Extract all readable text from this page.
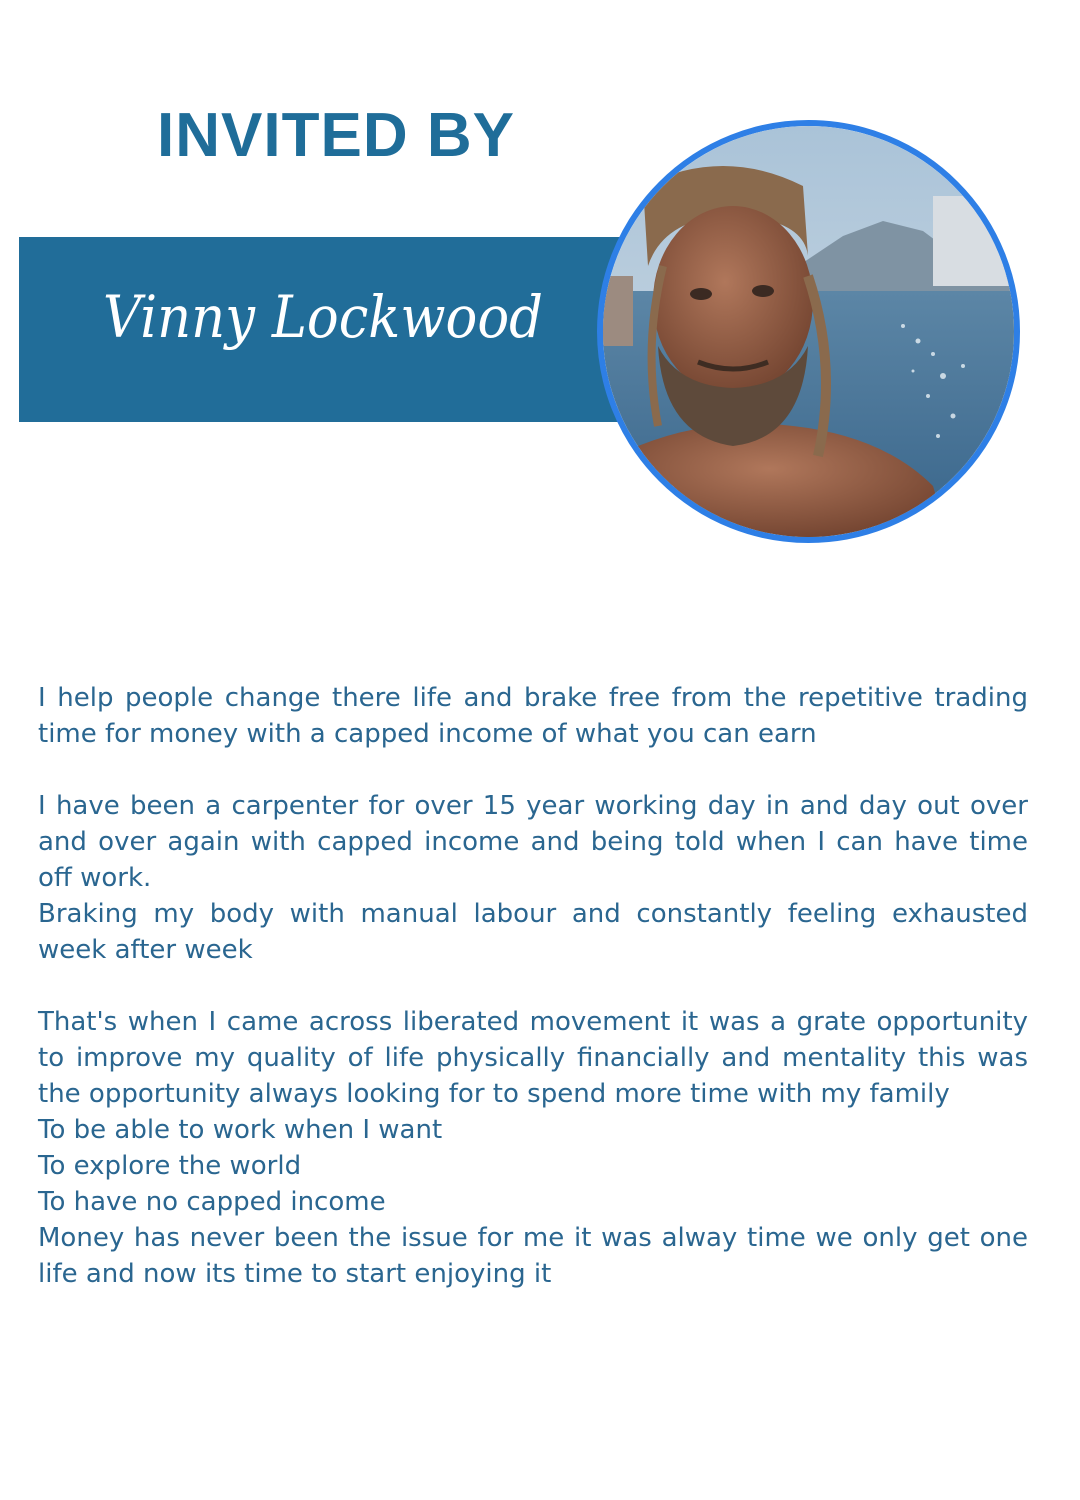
INVITED BY
Vinny Lockwood

I help people change there life and brake free from the repetitive trading time for money with a capped income of what you can earn

I have been a carpenter for over 15 year working day in and day out over and over again with capped income and being told when I can have time off work.

Braking my body with manual labour and constantly feeling exhausted week after week

That's when I came across liberated movement it was a grate opportunity to improve my quality of life physically financially and mentality this was the opportunity always looking for to spend more time with my family

To be able to work when I want
To explore the world
To have no capped income

Money has never been the issue for me it was alway time we only get one life and now its time to start enjoying it
